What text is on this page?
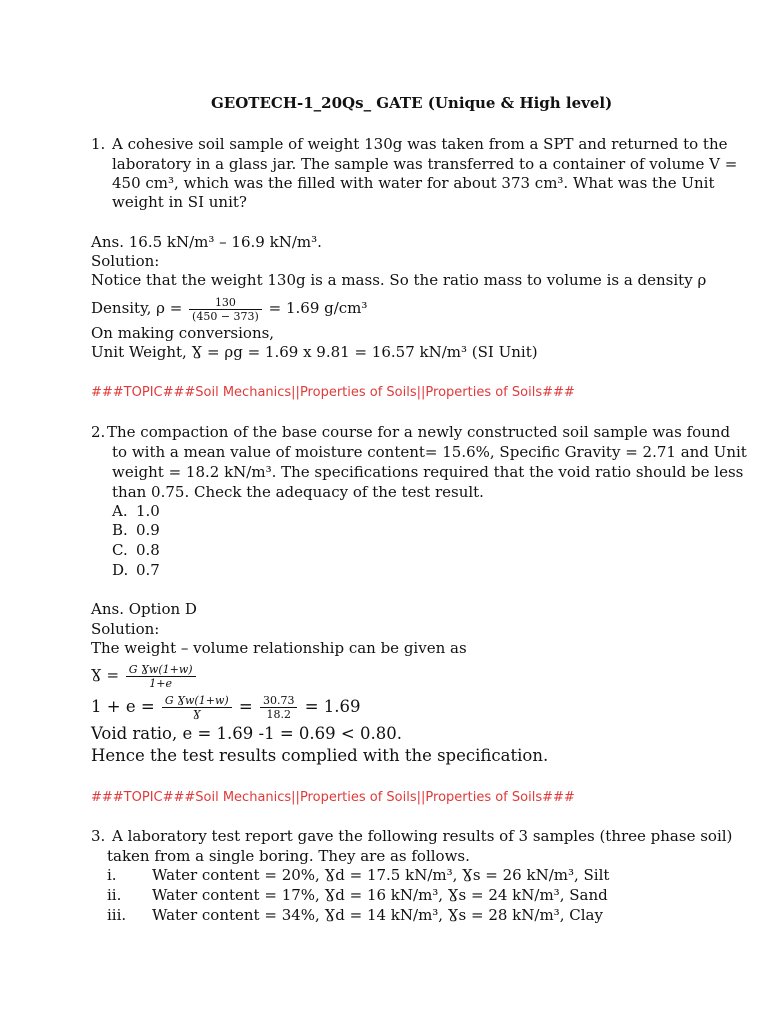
GEOTECH-1_20Qs_ GATE (Unique & High level)
1. A cohesive soil sample of weight 130g was taken from a SPT and returned to the
laboratory in a glass jar. The sample was transferred to a container of volume V =
450 cm³, which was the filled with water for about 373 cm³. What was the Unit
weight in SI unit?
Ans. 16.5 kN/m³ – 16.9 kN/m³.
Solution:
Notice that the weight 130g is a mass. So the ratio mass to volume is a density ρ
Density, $\rho = \frac{130}{(450 - 373)} = 1.69$ g/cm³
On making conversions,
Unit Weight, Ɣ = ρg = 1.69 x 9.81 = 16.57 kN/m³ (SI Unit)
###TOPIC###Soil Mechanics||Properties of Soils||Properties of Soils###
2. The compaction of the base course for a newly constructed soil sample was found
to with a mean value of moisture content= 15.6%, Specific Gravity = 2.71 and Unit
weight = 18.2 kN/m³. The specifications required that the void ratio should be less
than 0.75. Check the adequacy of the test result.
A. 1.0
B. 0.9
C. 0.8
D. 0.7
Ans. Option D
Solution:
The weight – volume relationship can be given as
Ɣ = $\frac{\text{G Ɣw(1+w)}}{1+e}$
$1 + e = \frac{\text{G Ɣw(1+w)}}{Ɣ} = \frac{30.73}{18.2} = 1.69$
Void ratio, e = 1.69 -1 = 0.69 < 0.80.
Hence the test results complied with the specification.
###TOPIC###Soil Mechanics||Properties of Soils||Properties of Soils###
3. A laboratory test report gave the following results of 3 samples (three phase soil)
taken from a single boring. They are as follows.
i. Water content = 20%, Ɣd = 17.5 kN/m³, Ɣs = 26 kN/m³, Silt
ii. Water content = 17%, Ɣd = 16 kN/m³, Ɣs = 24 kN/m³, Sand
iii. Water content = 34%, Ɣd = 14 kN/m³, Ɣs = 28 kN/m³, Clay
